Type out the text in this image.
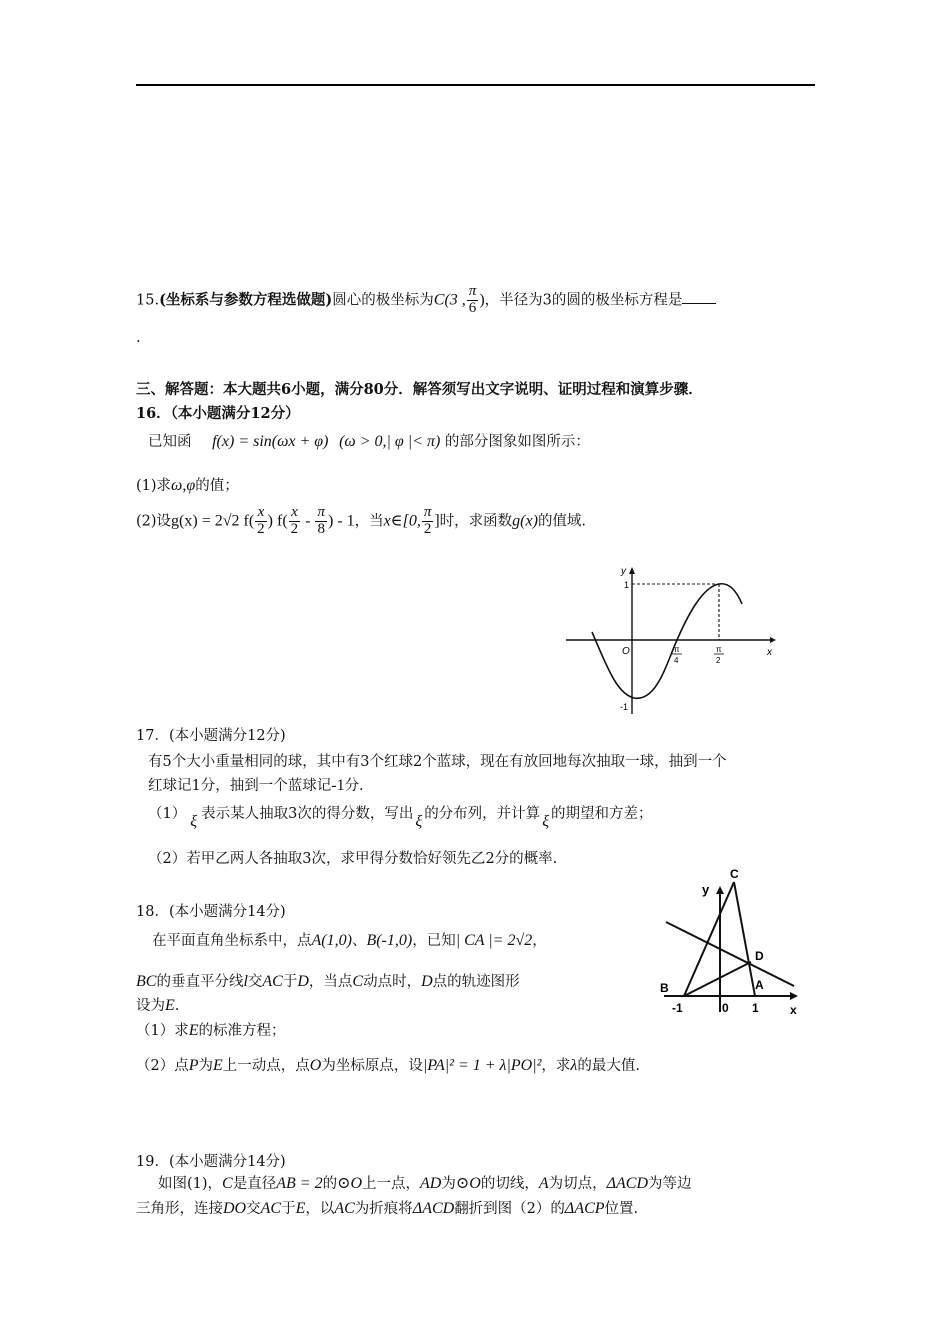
15.(坐标系与参数方程选做题)圆心的极坐标为C(3 , $\frac{\pi}{6}$ )，半径为3的圆的极坐标方程是
.
三、解答题：本大题共6小题，满分80分．解答须写出文字说明、证明过程和演算步骤．
16．（本小题满分12分）
已知函 f(x) = sin(ωx + φ) (ω > 0,| φ |< π) 的部分图象如图所示：
(1)求ω,φ的值；
(2)设g(x) = 2√2 $f( \frac{x}{2}$ ) $f( \frac{x}{2} - \frac{\pi}{8}$ ) - 1，当x∈[0, $\frac{\pi}{2}$ ]时，求函数g(x)的值域.
y
x
O
1
-1
π
4
π
2
17．(本小题满分12分)
有5个大小重量相同的球，其中有3个红球2个蓝球，现在有放回地每次抽取一球，抽到一个
红球记1分，抽到一个蓝球记-1分.
（1） ξ 表示某人抽取3次的得分数，写出 ξ 的分布列，并计算 ξ 的期望和方差；
（2）若甲乙两人各抽取3次，求甲得分数恰好领先乙2分的概率.
18．(本小题满分14分)
在平面直角坐标系中，点A(1,0)、B(-1,0)，已知| CA |= 2√2，
BC的垂直平分线l交AC于D，当点C动点时，D点的轨迹图形
设为E.
（1）求E的标准方程；
（2）点P为E上一动点，点O为坐标原点，设|PA|² = 1 + λ|PO|²，求λ的最大值.
C
y
D
B	A
-1	0 1	x
19．(本小题满分14分)
如图(1)，C是直径AB = 2的⊙O上一点，AD为⊙O的切线，A为切点，ΔACD为等边
三角形，连接DO交AC于E，以AC为折痕将ΔACD翻折到图（2）的ΔACP位置.
